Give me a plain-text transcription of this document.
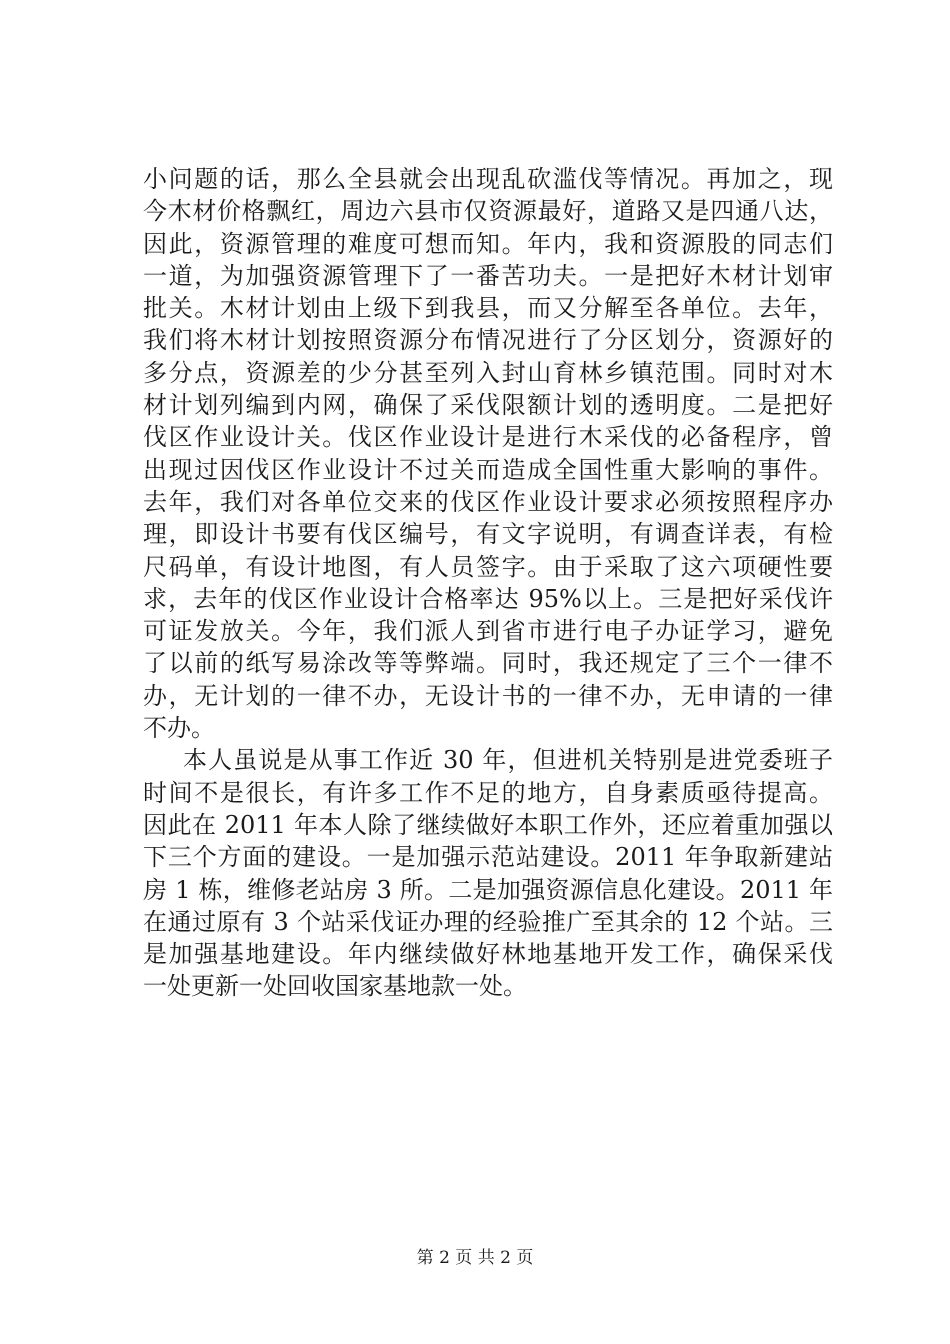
小问题的话，那么全县就会出现乱砍滥伐等情况。再加之，现
今木材价格飘红，周边六县市仅资源最好，道路又是四通八达，
因此，资源管理的难度可想而知。年内，我和资源股的同志们
一道，为加强资源管理下了一番苦功夫。一是把好木材计划审
批关。木材计划由上级下到我县，而又分解至各单位。去年，
我们将木材计划按照资源分布情况进行了分区划分，资源好的
多分点，资源差的少分甚至列入封山育林乡镇范围。同时对木
材计划列编到内网，确保了采伐限额计划的透明度。二是把好
伐区作业设计关。伐区作业设计是进行木采伐的必备程序，曾
出现过因伐区作业设计不过关而造成全国性重大影响的事件。
去年，我们对各单位交来的伐区作业设计要求必须按照程序办
理，即设计书要有伐区编号，有文字说明，有调查详表，有检
尺码单，有设计地图，有人员签字。由于采取了这六项硬性要
求，去年的伐区作业设计合格率达 95%以上。三是把好采伐许
可证发放关。今年，我们派人到省市进行电子办证学习，避免
了以前的纸写易涂改等等弊端。同时，我还规定了三个一律不
办，无计划的一律不办，无设计书的一律不办，无申请的一律
不办。
本人虽说是从事工作近 30 年，但进机关特别是进党委班子
时间不是很长，有许多工作不足的地方，自身素质亟待提高。
因此在 2011 年本人除了继续做好本职工作外，还应着重加强以
下三个方面的建设。一是加强示范站建设。2011 年争取新建站
房 1 栋，维修老站房 3 所。二是加强资源信息化建设。2011 年
在通过原有 3 个站采伐证办理的经验推广至其余的 12 个站。三
是加强基地建设。年内继续做好林地基地开发工作，确保采伐
一处更新一处回收国家基地款一处。
第 2 页 共 2 页
